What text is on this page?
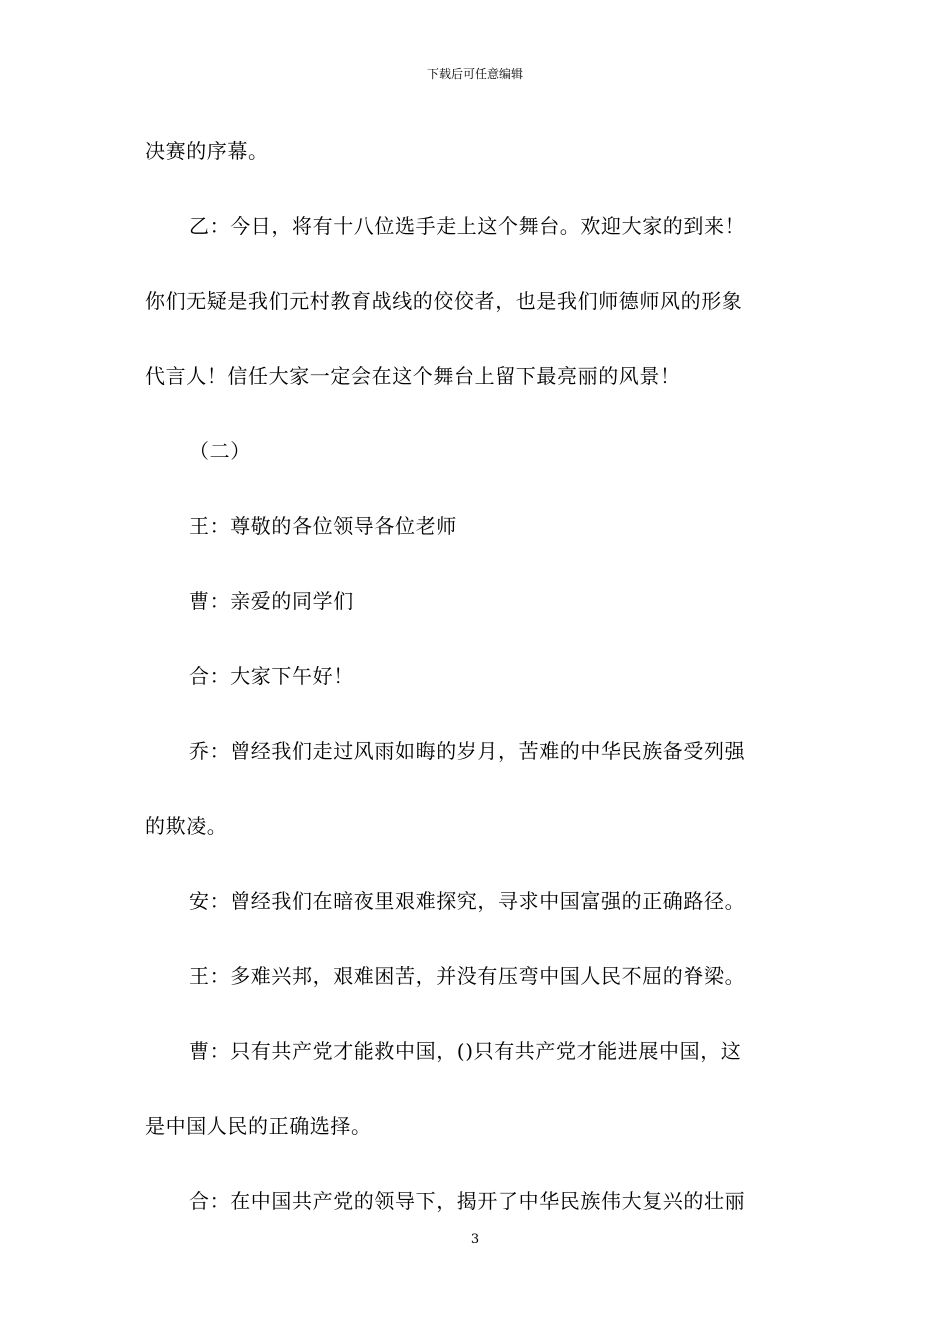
下载后可任意编辑
决赛的序幕。
乙：今日，将有十八位选手走上这个舞台。欢迎大家的到来！
你们无疑是我们元村教育战线的佼佼者，也是我们师德师风的形象
代言人！信任大家一定会在这个舞台上留下最亮丽的风景！
（二）
王：尊敬的各位领导各位老师
曹：亲爱的同学们
合：大家下午好！
乔：曾经我们走过风雨如晦的岁月，苦难的中华民族备受列强
的欺凌。
安：曾经我们在暗夜里艰难探究，寻求中国富强的正确路径。
王：多难兴邦，艰难困苦，并没有压弯中国人民不屈的脊梁。
曹：只有共产党才能救中国，()只有共产党才能进展中国，这
是中国人民的正确选择。
合：在中国共产党的领导下，揭开了中华民族伟大复兴的壮丽
3
